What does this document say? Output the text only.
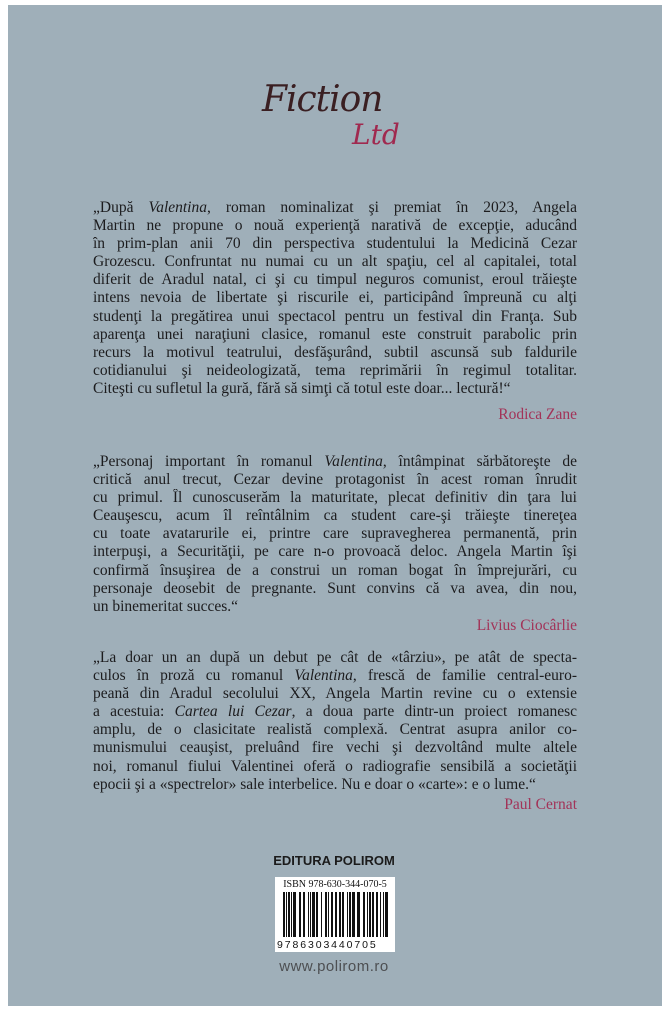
Fiction
Ltd
„După Valentina, roman nominalizat şi premiat în 2023, Angela
Martin ne propune o nouă experienţă narativă de excepţie, aducând
în prim-plan anii 70 din perspectiva studentului la Medicină Cezar
Grozescu. Confruntat nu numai cu un alt spaţiu, cel al capitalei, total
diferit de Aradul natal, ci şi cu timpul neguros comunist, eroul trăieşte
intens nevoia de libertate şi riscurile ei, participând împreună cu alţi
studenţi la pregătirea unui spectacol pentru un festival din Franţa. Sub
aparenţa unei naraţiuni clasice, romanul este construit parabolic prin
recurs la motivul teatrului, desfăşurând, subtil ascunsă sub faldurile
cotidianului şi neideologizată, tema reprimării în regimul totalitar.
Citeşti cu sufletul la gură, fără să simţi că totul este doar... lectură!“
Rodica Zane
„Personaj important în romanul Valentina, întâmpinat sărbătoreşte de
critică anul trecut, Cezar devine protagonist în acest roman înrudit
cu primul. Îl cunoscuserăm la maturitate, plecat definitiv din ţara lui
Ceauşescu, acum îl reîntâlnim ca student care-şi trăieşte tinereţea
cu toate avatarurile ei, printre care supravegherea permanentă, prin
interpuşi, a Securităţii, pe care n-o provoacă deloc. Angela Martin îşi
confirmă însuşirea de a construi un roman bogat în împrejurări, cu
personaje deosebit de pregnante. Sunt convins că va avea, din nou,
un binemeritat succes.“
Livius Ciocârlie
„La doar un an după un debut pe cât de «târziu», pe atât de specta-
culos în proză cu romanul Valentina, frescă de familie central-euro-
peană din Aradul secolului XX, Angela Martin revine cu o extensie
a acestuia: Cartea lui Cezar, a doua parte dintr-un proiect romanesc
amplu, de o clasicitate realistă complexă. Centrat asupra anilor co-
munismului ceauşist, preluând fire vechi şi dezvoltând multe altele
noi, romanul fiului Valentinei oferă o radiografie sensibilă a societăţii
epocii şi a «spectrelor» sale interbelice. Nu e doar o «carte»: e o lume.“
Paul Cernat
EDITURA POLIROM
ISBN 978-630-344-070-5
9786303440705
www.polirom.ro
